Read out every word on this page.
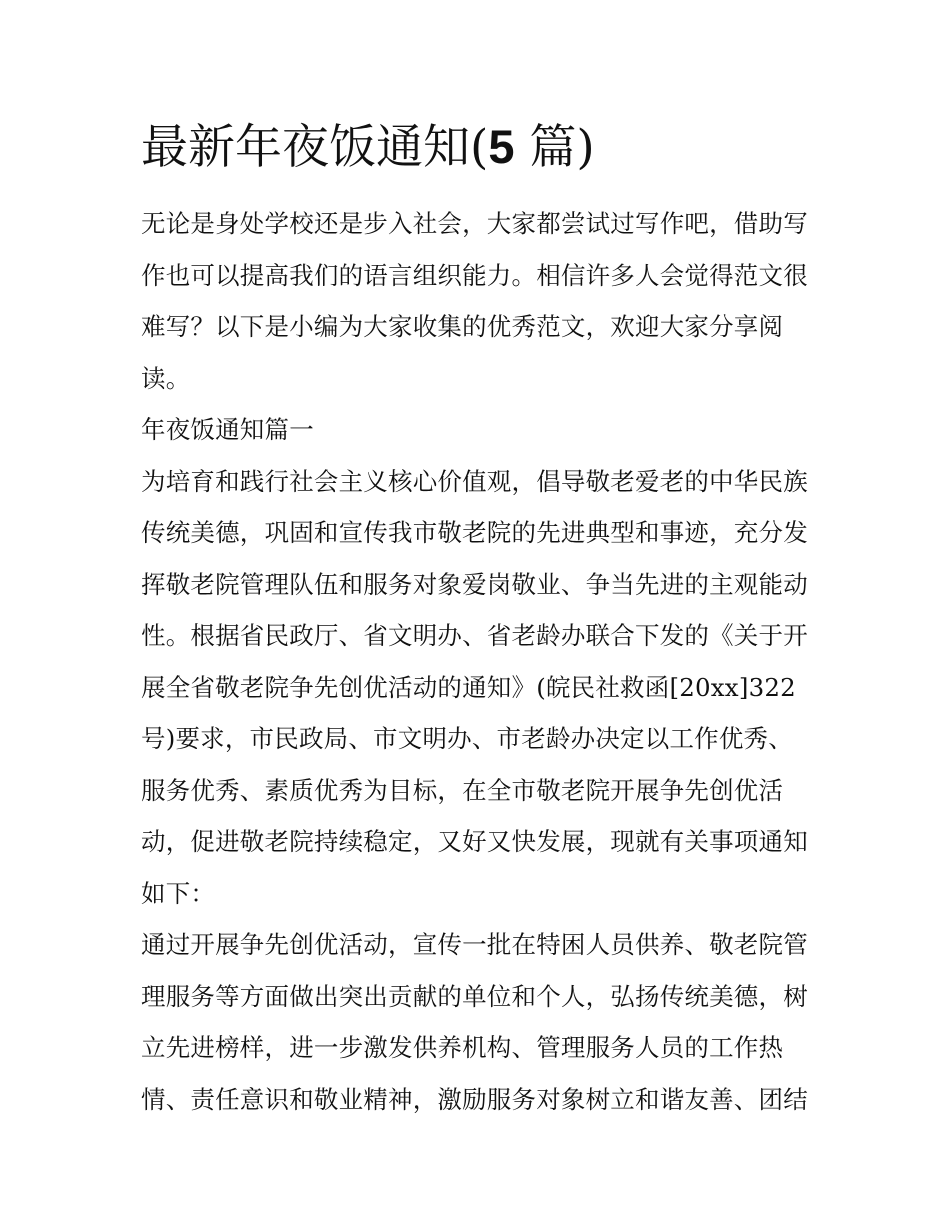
最新年夜饭通知(5 篇)
无论是身处学校还是步入社会，大家都尝试过写作吧，借助写
作也可以提高我们的语言组织能力。相信许多人会觉得范文很
难写？以下是小编为大家收集的优秀范文，欢迎大家分享阅
读。
年夜饭通知篇一
为培育和践行社会主义核心价值观，倡导敬老爱老的中华民族
传统美德，巩固和宣传我市敬老院的先进典型和事迹，充分发
挥敬老院管理队伍和服务对象爱岗敬业、争当先进的主观能动
性。根据省民政厅、省文明办、省老龄办联合下发的《关于开
展全省敬老院争先创优活动的通知》(皖民社救函[20xx]322
号)要求，市民政局、市文明办、市老龄办决定以工作优秀、
服务优秀、素质优秀为目标，在全市敬老院开展争先创优活
动，促进敬老院持续稳定，又好又快发展，现就有关事项通知
如下：
通过开展争先创优活动，宣传一批在特困人员供养、敬老院管
理服务等方面做出突出贡献的单位和个人，弘扬传统美德，树
立先进榜样，进一步激发供养机构、管理服务人员的工作热
情、责任意识和敬业精神，激励服务对象树立和谐友善、团结
